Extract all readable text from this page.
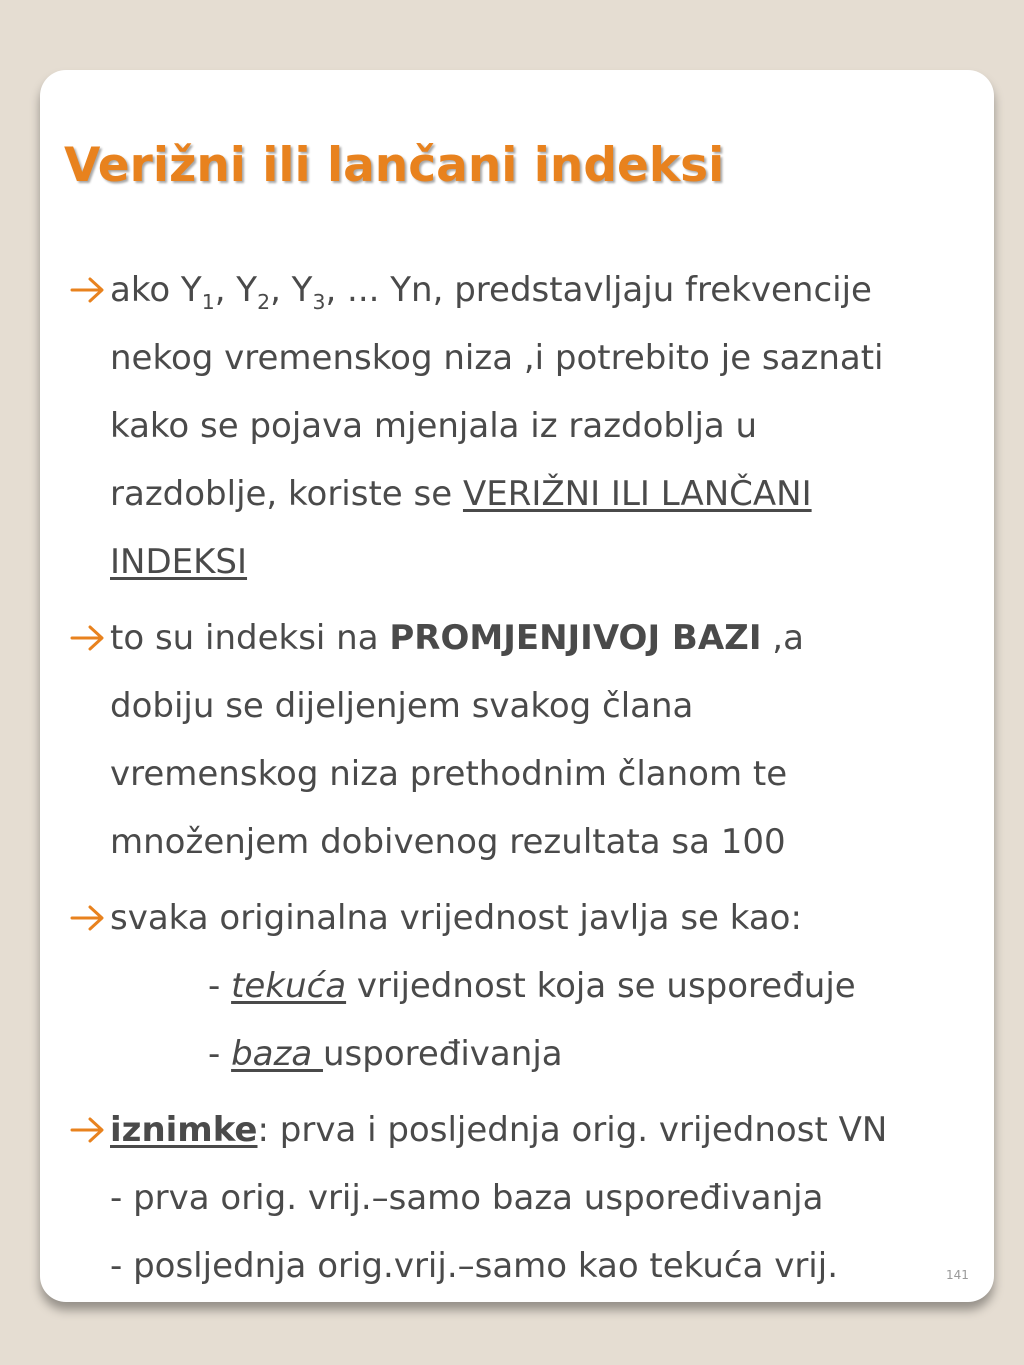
Verižni ili lančani indeksi
ako $Y_1$, $Y_2$, $Y_3$, ... Yn, predstavljaju frekvencije
nekog vremenskog niza ,i potrebito je saznati
kako se pojava mjenjala iz razdoblja u
razdoblje, koriste se VERIŽNI ILI LANČANI
INDEKSI
to su indeksi na PROMJENJIVOJ BAZI ,a
dobiju se dijeljenjem svakog člana
vremenskog niza prethodnim članom te
množenjem dobivenog rezultata sa 100
svaka originalna vrijednost javlja se kao:
- tekuća vrijednost koja se uspoređuje
- baza uspoređivanja
iznimke: prva i posljednja orig. vrijednost VN
- prva orig. vrij.–samo baza uspoređivanja
- posljednja orig.vrij.–samo kao tekuća vrij.	141
